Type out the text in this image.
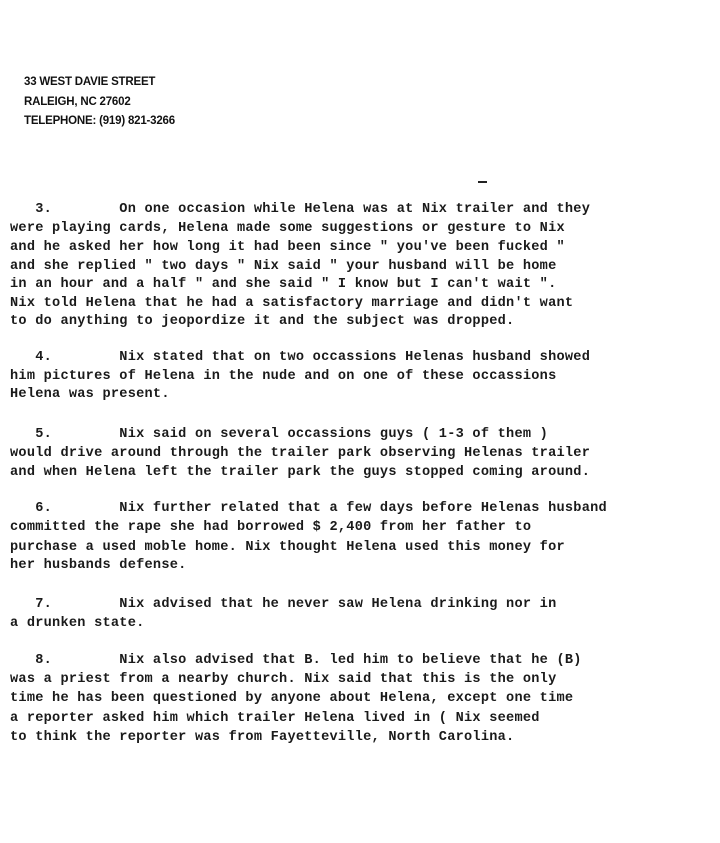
33 WEST DAVIE STREET
RALEIGH, NC 27602
TELEPHONE: (919) 821-3266
3.        On one occasion while Helena was at Nix trailer and they
were playing cards, Helena made some suggestions or gesture to Nix
and he asked her how long it had been since " you've been fucked "
and she replied " two days " Nix said " your husband will be home
in an hour and a half " and she said " I know but I can't wait ".
Nix told Helena that he had a satisfactory marriage and didn't want
to do anything to jeopordize it and the subject was dropped.
4.        Nix stated that on two occassions Helenas husband showed
him pictures of Helena in the nude and on one of these occassions
Helena was present.
5.        Nix said on several occassions guys ( 1-3 of them )
would drive around through the trailer park observing Helenas trailer
and when Helena left the trailer park the guys stopped coming around.
6.        Nix further related that a few days before Helenas husband
committed the rape she had borrowed $ 2,400 from her father to
purchase a used moble home. Nix thought Helena used this money for
her husbands defense.
7.        Nix advised that he never saw Helena drinking nor in
a drunken state.
8.        Nix also advised that B. led him to believe that he (B)
was a priest from a nearby church. Nix said that this is the only
time he has been questioned by anyone about Helena, except one time
a reporter asked him which trailer Helena lived in ( Nix seemed
to think the reporter was from Fayetteville, North Carolina.
